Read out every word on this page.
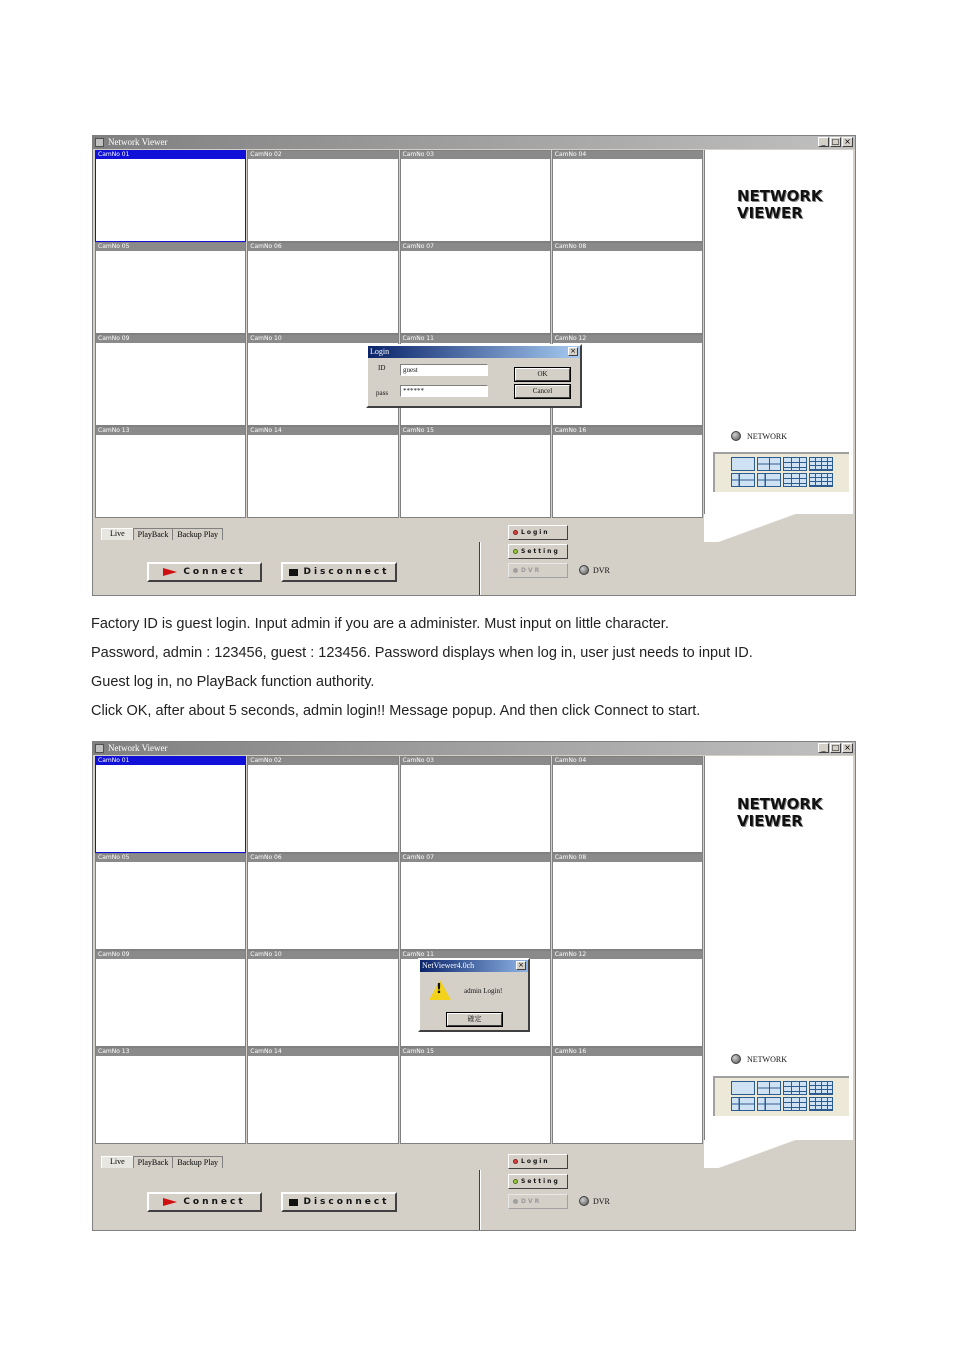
Network Viewer	_ □ ×
CamNo 01	CamNo 02	CamNo 03	CamNo 04
CamNo 05	CamNo 06	CamNo 07	CamNo 08
CamNo 09	CamNo 10	CamNo 11	CamNo 12
CamNo 13	CamNo 14	CamNo 15	CamNo 16
NETWORK
VIEWER
NETWORK
Live	PlayBack	Backup Play
Connect	Disconnect
Login
Setting
DVR	DVR
Login	×
ID	guest
pass	******
OK
Cancel
Factory ID is guest login. Input admin if you are a administer. Must input on little character.
Password, admin : 123456, guest : 123456. Password displays when log in, user just needs to input ID.
Guest log in, no PlayBack function authority.
Click OK, after about 5 seconds, admin login!! Message popup. And then click Connect to start.
Network Viewer	_ □ ×
CamNo 01	CamNo 02	CamNo 03	CamNo 04
CamNo 05	CamNo 06	CamNo 07	CamNo 08
CamNo 09	CamNo 10	CamNo 11	CamNo 12
CamNo 13	CamNo 14	CamNo 15	CamNo 16
NETWORK
VIEWER
NETWORK
Live	PlayBack	Backup Play
Connect	Disconnect
Login
Setting
DVR	DVR
NetViewer4.0ch	×
!	admin Login!
確定
